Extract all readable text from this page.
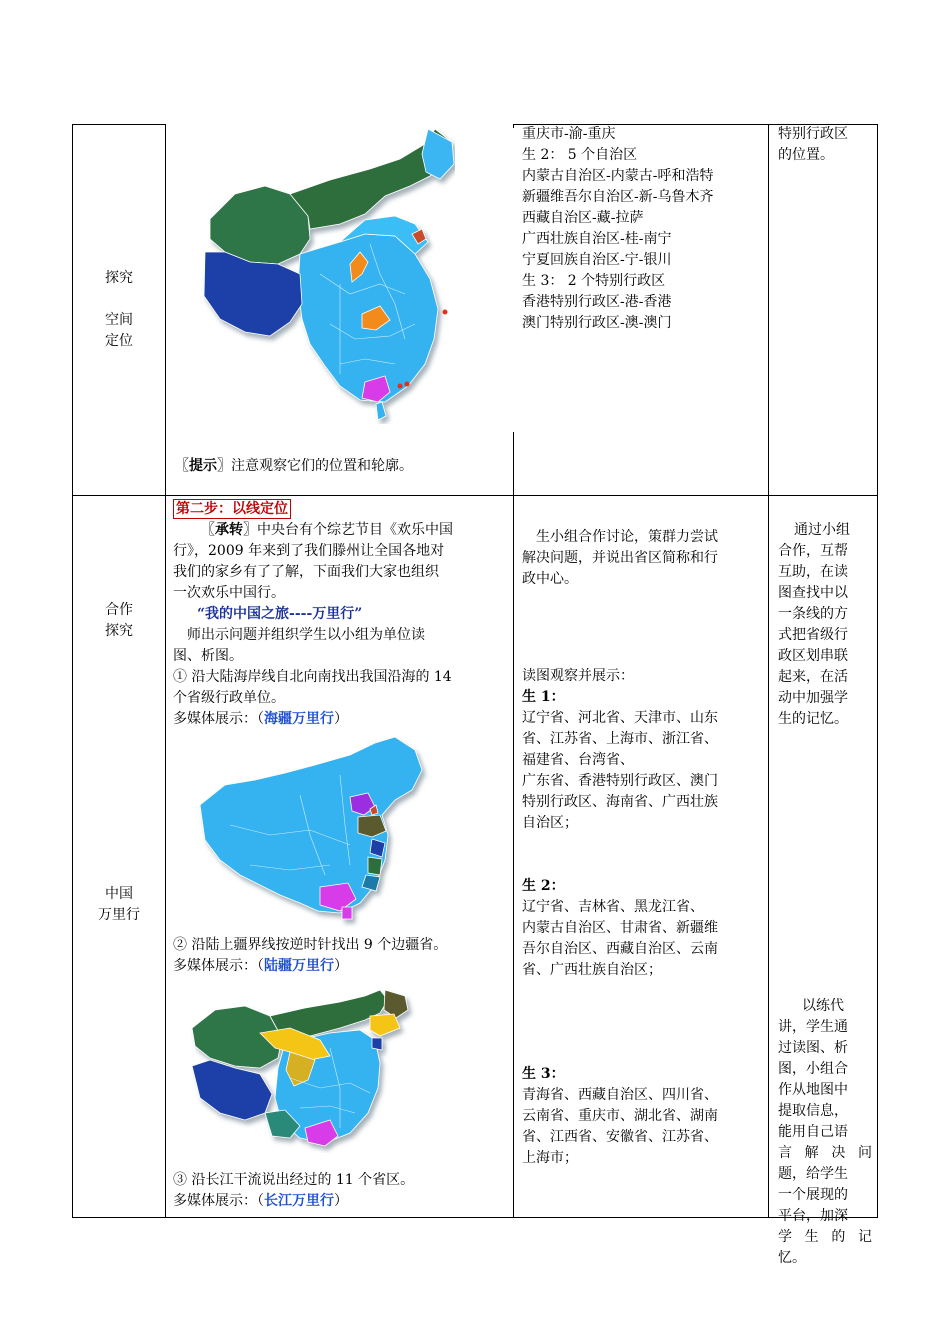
探究
空间
定位
〖提示〗注意观察它们的位置和轮廓。
重庆市-渝-重庆
生 2： 5 个自治区
内蒙古自治区-内蒙古-呼和浩特
新疆维吾尔自治区-新-乌鲁木齐
西藏自治区-藏-拉萨
广西壮族自治区-桂-南宁
宁夏回族自治区-宁-银川
生 3： 2 个特别行政区
香港特别行政区-港-香港
澳门特别行政区-澳-澳门
特别行政区
的位置。
合作
探究
中国
万里行
第二步：以线定位
〖承转〗中央台有个综艺节目《欢乐中国
行》，2009 年来到了我们滕州让全国各地对
我们的家乡有了了解，下面我们大家也组织
一次欢乐中国行。
“我的中国之旅----万里行”
师出示问题并组织学生以小组为单位读
图、析图。
① 沿大陆海岸线自北向南找出我国沿海的 14
个省级行政单位。
多媒体展示：（海疆万里行）
② 沿陆上疆界线按逆时针找出 9 个边疆省。
多媒体展示：（陆疆万里行）
③ 沿长江干流说出经过的 11 个省区。
多媒体展示：（长江万里行）
生小组合作讨论，策群力尝试
解决问题，并说出省区简称和行
政中心。
读图观察并展示：
生 1：
辽宁省、河北省、天津市、山东
省、江苏省、上海市、浙江省、
福建省、台湾省、
广东省、香港特别行政区、澳门
特别行政区、海南省、广西壮族
自治区；
生 2：
辽宁省、吉林省、黑龙江省、
内蒙古自治区、甘肃省、新疆维
吾尔自治区、西藏自治区、云南
省、广西壮族自治区；
生 3：
青海省、西藏自治区、四川省、
云南省、重庆市、湖北省、湖南
省、江西省、安徽省、江苏省、
上海市；
通过小组
合作，互帮
互助，在读
图查找中以
一条线的方
式把省级行
政区划串联
起来，在活
动中加强学
生的记忆。
以练代
讲，学生通
过读图、析
图，小组合
作从地图中
提取信息，
能用自己语
言解决问
题，给学生
一个展现的
平台，加深
学生的记
忆。
